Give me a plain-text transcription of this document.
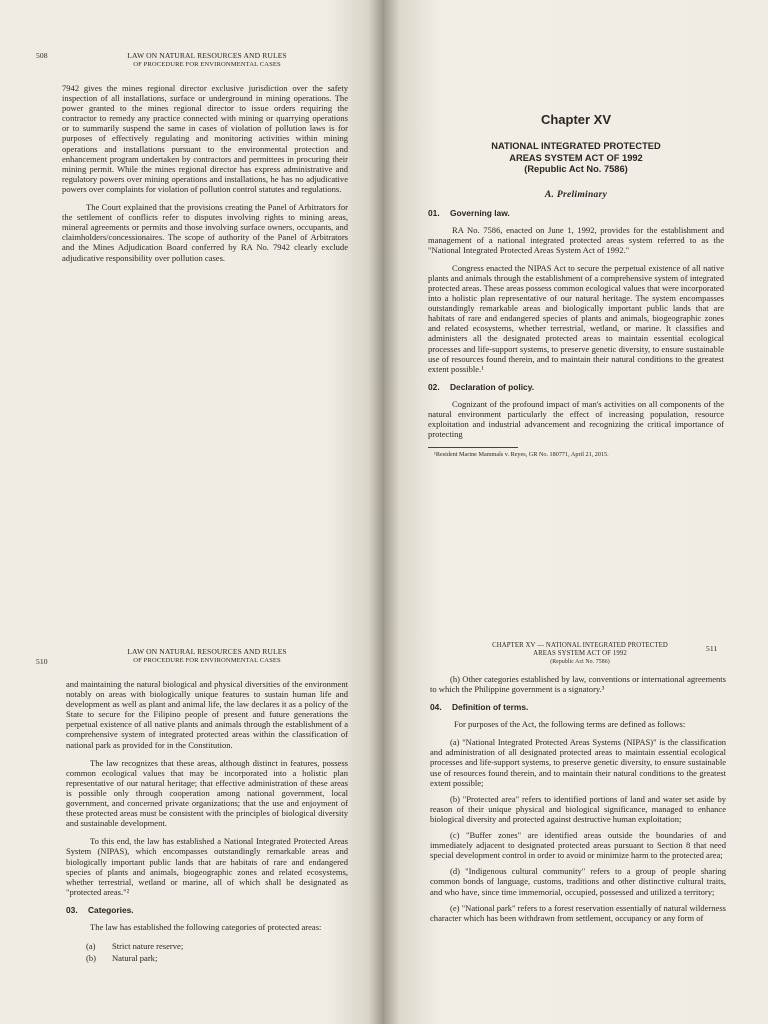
508	LAW ON NATURAL RESOURCES AND RULES
OF PROCEDURE FOR ENVIRONMENTAL CASES

7942 gives the mines regional director exclusive jurisdiction over the safety inspection of all installations, surface or underground in mining operations. The power granted to the mines regional director to issue orders requiring the contractor to remedy any practice connected with mining or quarrying operations or to summarily suspend the same in cases of violation of pollution laws is for purposes of effectively regulating and monitoring activities within mining operations and installations pursuant to the environmental protection and enhancement program undertaken by contractors and permittees in procuring their mining permit. While the mines regional director has express administrative and regulatory powers over mining operations and installations, he has no adjudicative powers over complaints for violation of pollution control statutes and regulations.

The Court explained that the provisions creating the Panel of Arbitrators for the settlement of conflicts refer to disputes involving rights to mining areas, mineral agreements or permits and those involving surface owners, occupants, and claimholders/concessionaires. The scope of authority of the Panel of Arbitrators and the Mines Adjudication Board conferred by RA No. 7942 clearly exclude adjudicative responsibility over pollution cases.

Chapter XV
NATIONAL INTEGRATED PROTECTED
AREAS SYSTEM ACT OF 1992
(Republic Act No. 7586)
A. Preliminary
01. Governing law.

RA No. 7586, enacted on June 1, 1992, provides for the establishment and management of a national integrated protected areas system referred to as the "National Integrated Protected Areas System Act of 1992."

Congress enacted the NIPAS Act to secure the perpetual existence of all native plants and animals through the establishment of a comprehensive system of integrated protected areas. These areas possess common ecological values that were incorporated into a holistic plan representative of our natural heritage. The system encompasses outstandingly remarkable areas and biologically important public lands that are habitats of rare and endangered species of plants and animals, biogeographic zones and related ecosystems, whether terrestrial, wetland, or marine. It classifies and administers all the designated protected areas to maintain essential ecological processes and life-support systems, to preserve genetic diversity, to ensure sustainable use of resources found therein, and to maintain their natural conditions to the greatest extent possible.¹

02. Declaration of policy.

Cognizant of the profound impact of man's activities on all components of the natural environment particularly the effect of increasing population, resource exploitation and industrial advancement and recognizing the critical importance of protecting

¹Resident Marine Mammals v. Reyes, GR No. 180771, April 21, 2015.
510
LAW ON NATURAL RESOURCES AND RULES
OF PROCEDURE FOR ENVIRONMENTAL CASES

and maintaining the natural biological and physical diversities of the environment notably on areas with biologically unique features to sustain human life and development as well as plant and animal life, the law declares it as a policy of the State to secure for the Filipino people of present and future generations the perpetual existence of all native plants and animals through the establishment of a comprehensive system of integrated protected areas within the classification of national park as provided for in the Constitution.

The law recognizes that these areas, although distinct in features, possess common ecological values that may be incorporated into a holistic plan representative of our natural heritage; that effective administration of these areas is possible only through cooperation among national government, local government, and concerned private organizations; that the use and enjoyment of these protected areas must be consistent with the principles of biological diversity and sustainable development.

To this end, the law has established a National Integrated Protected Areas System (NIPAS), which encompasses outstandingly remarkable areas and biologically important public lands that are habitats of rare and endangered species of plants and animals, biogeographic zones and related ecosystems, whether terrestrial, wetland or marine, all of which shall be designated as "protected areas."²

03. Categories.

The law has established the following categories of protected areas:

(a) Strict nature reserve;
(b) Natural park;
CHAPTER XV — NATIONAL INTEGRATED PROTECTED
AREAS SYSTEM ACT OF 1992
(Republic Act No. 7586)
511

(h) Other categories established by law, conventions or international agreements to which the Philippine government is a signatory.³

04. Definition of terms.

For purposes of the Act, the following terms are defined as follows:

(a) "National Integrated Protected Areas Systems (NIPAS)" is the classification and administration of all designated protected areas to maintain essential ecological processes and life-support systems, to preserve genetic diversity, to ensure sustainable use of resources found therein, and to maintain their natural conditions to the greatest extent possible;

(b) "Protected area" refers to identified portions of land and water set aside by reason of their unique physical and biological significance, managed to enhance biological diversity and protected against destructive human exploitation;

(c) "Buffer zones" are identified areas outside the boundaries of and immediately adjacent to designated protected areas pursuant to Section 8 that need special development control in order to avoid or minimize harm to the protected area;

(d) "Indigenous cultural community" refers to a group of people sharing common bonds of language, customs, traditions and other distinctive cultural traits, and who have, since time immemorial, occupied, possessed and utilized a territory;

(e) "National park" refers to a forest reservation essentially of natural wilderness character which has been withdrawn from settlement, occupancy or any form of
